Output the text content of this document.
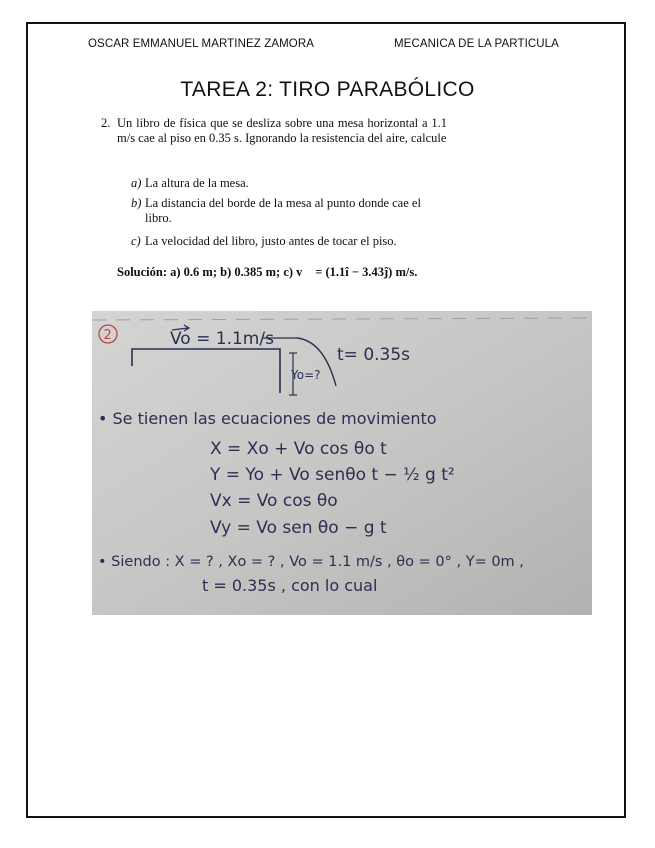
OSCAR EMMANUEL MARTINEZ ZAMORA	MECANICA DE LA PARTICULA
TAREA 2: TIRO PARABÓLICO
2. Un libro de física que se desliza sobre una mesa horizontal a 1.1 m/s cae al piso en 0.35 s. Ignorando la resistencia del aire, calcule
a) La altura de la mesa.
b) La distancia del borde de la mesa al punto donde cae el libro.
c) La velocidad del libro, justo antes de tocar el piso.
Solución: a) 0.6 m; b) 0.385 m; c) v⃗ = (1.1î − 3.43ĵ) m/s.
2	Vo = 1.1m/s
Yo=?
t= 0.35s
• Se tienen las ecuaciones de movimiento
X = Xo + Vo cos θo t
Y = Yo + Vo senθo t − ½ g t²
Vx = Vo cos θo
Vy = Vo sen θo − g t
• Siendo : X = ? , Xo = ? , Vo = 1.1 m/s , θo = 0° , Y= 0m ,
t = 0.35s , con lo cual
